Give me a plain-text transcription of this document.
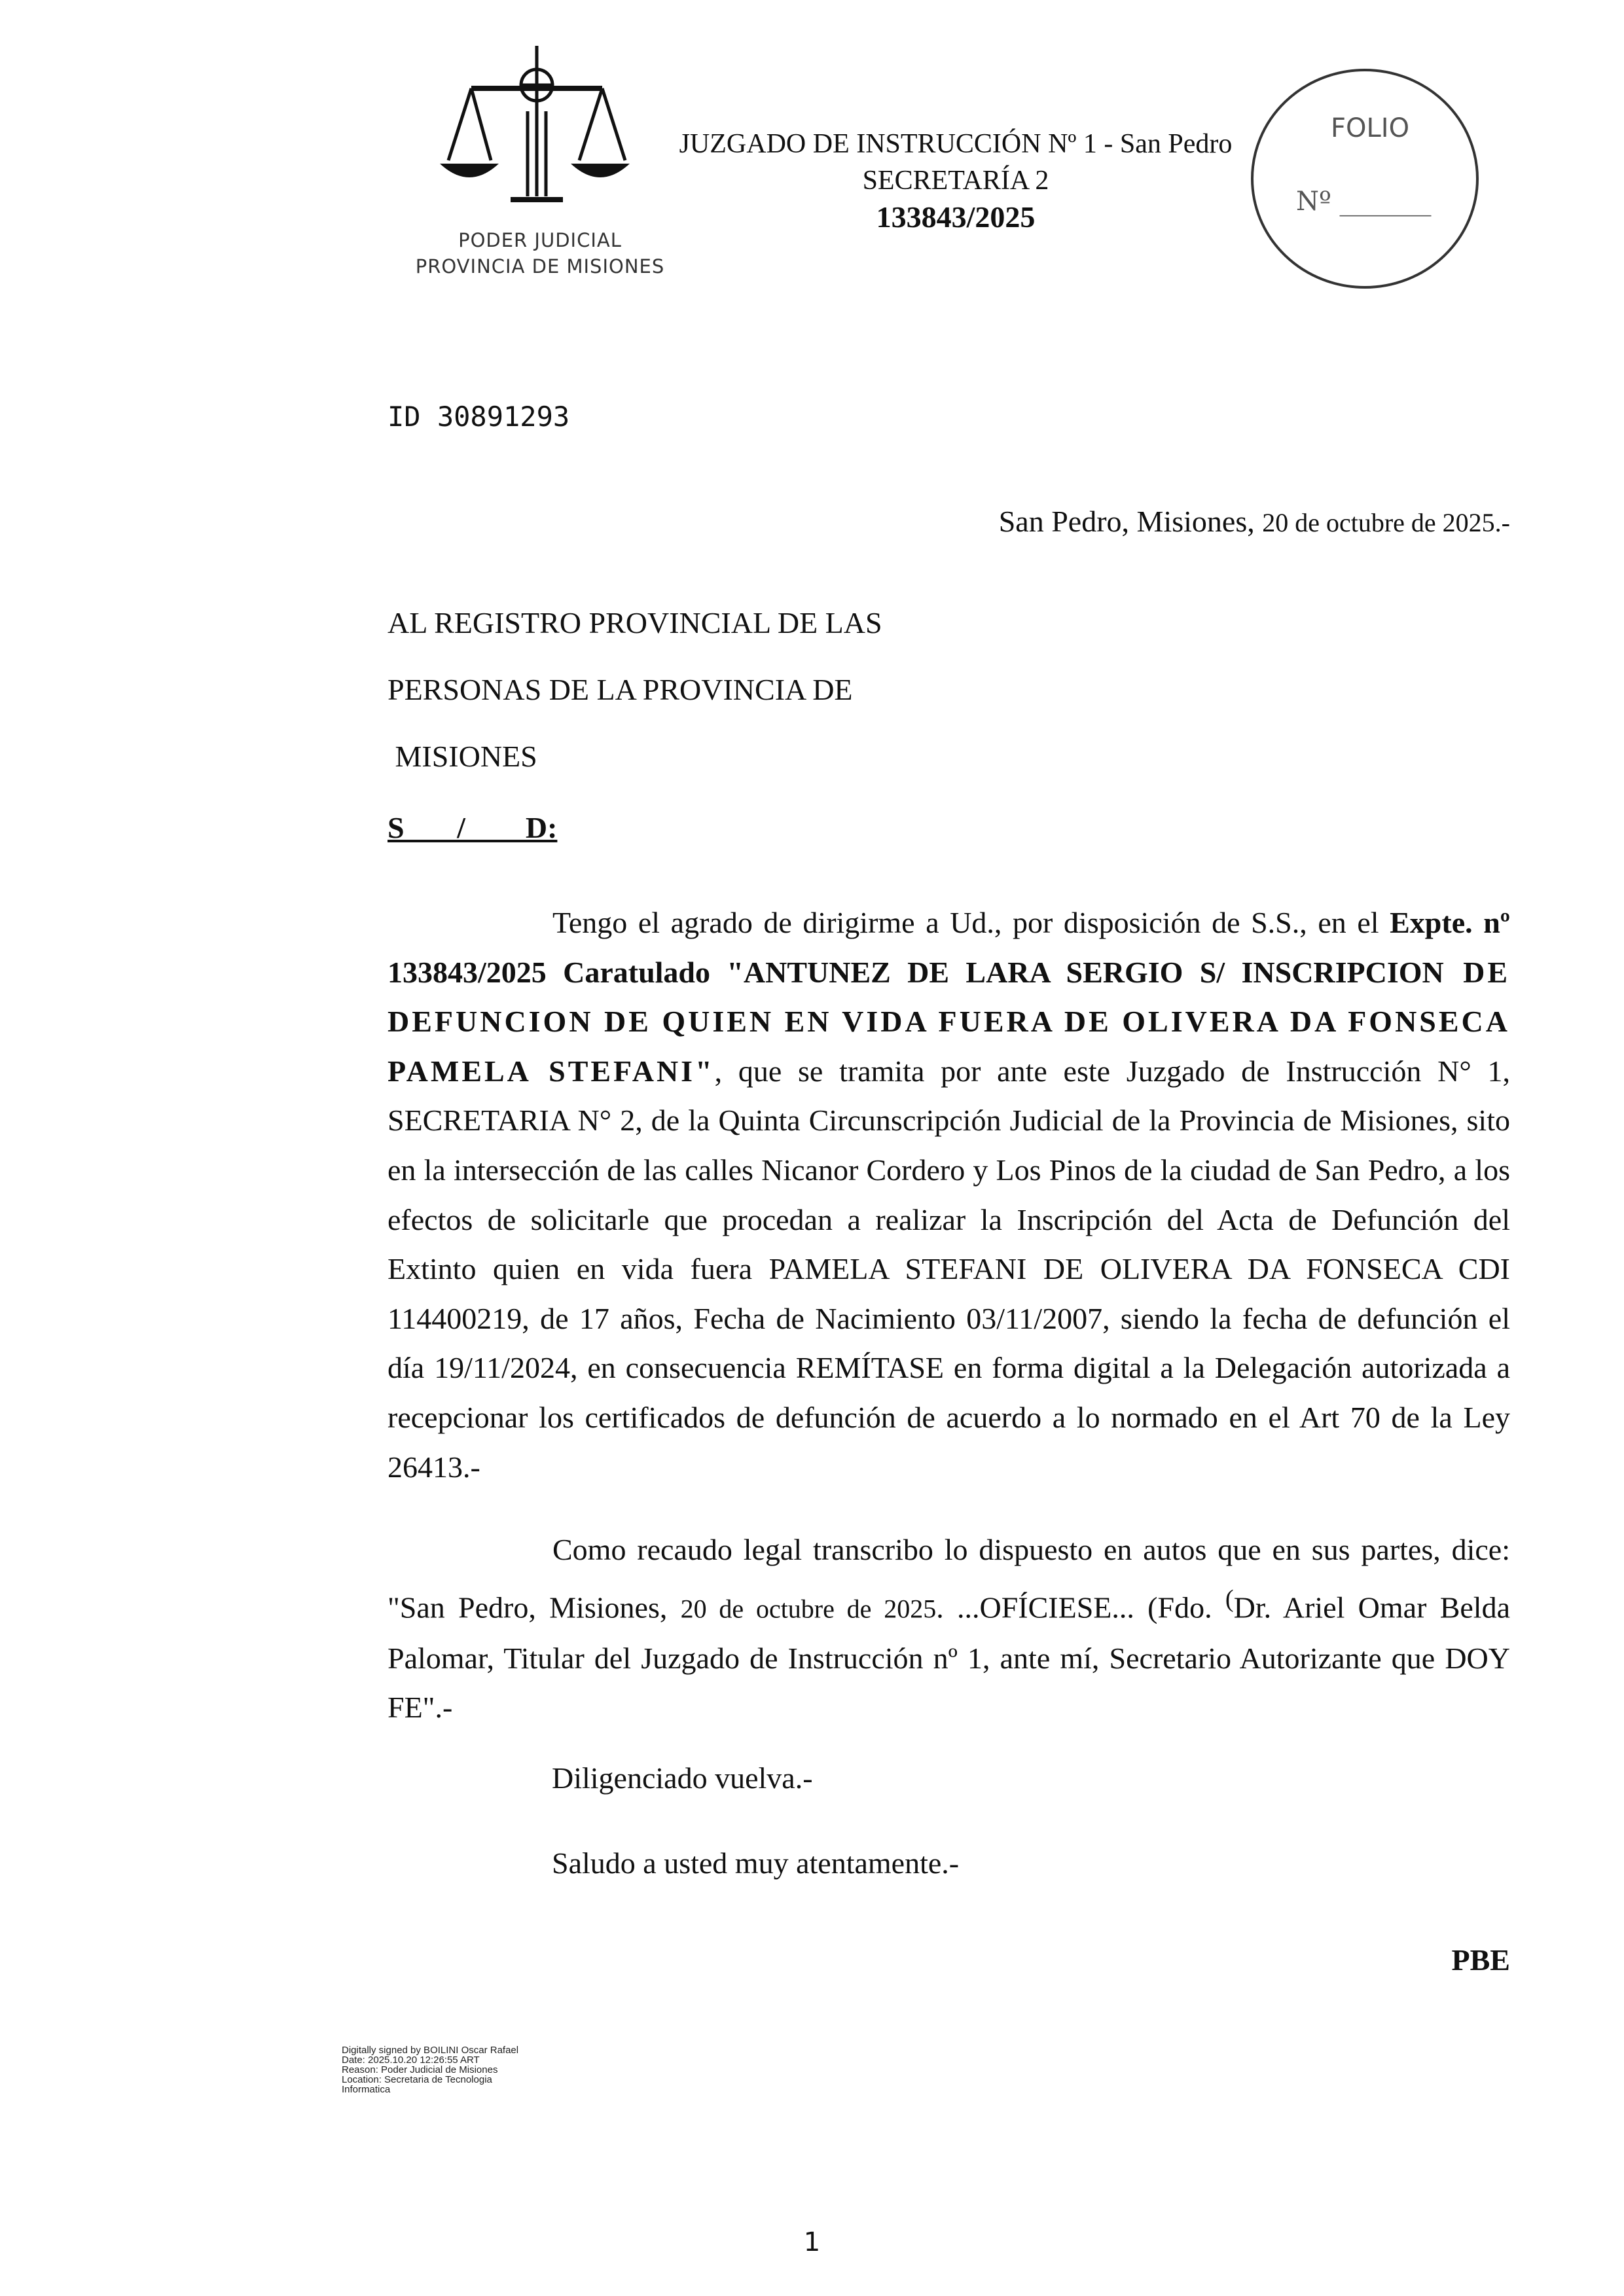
PODER JUDICIAL
PROVINCIA DE MISIONES
JUZGADO DE INSTRUCCIÓN Nº 1 - San Pedro
SECRETARÍA 2
133843/2025
FOLIO
Nº _______
ID 30891293
San Pedro, Misiones, 20 de octubre de 2025.-
AL REGISTRO PROVINCIAL DE LAS
PERSONAS DE LA PROVINCIA DE
MISIONES
S       /        D:

Tengo el agrado de dirigirme a Ud., por disposición de S.S., en el Expte. nº 133843/2025 Caratulado "ANTUNEZ DE LARA SERGIO S/ INSCRIPCION DE DEFUNCION DE QUIEN EN VIDA FUERA DE OLIVERA DA FONSECA PAMELA STEFANI", que se tramita por ante este Juzgado de Instrucción N° 1, SECRETARIA N° 2, de la Quinta Circunscripción Judicial de la Provincia de Misiones, sito en la intersección de las calles Nicanor Cordero y Los Pinos de la ciudad de San Pedro, a los efectos de solicitarle que procedan a realizar la Inscripción del Acta de Defunción del Extinto quien en vida fuera PAMELA STEFANI DE OLIVERA DA FONSECA CDI 114400219, de 17 años, Fecha de Nacimiento 03/11/2007, siendo la fecha de defunción el día 19/11/2024, en consecuencia REMÍTASE en forma digital a la Delegación autorizada a recepcionar los certificados de defunción de acuerdo a lo normado en el Art 70 de la Ley 26413.-

Como recaudo legal transcribo lo dispuesto en autos que en sus partes, dice: "San Pedro, Misiones, 20 de octubre de 2025. ...OFÍCIESE... (Fdo. (Dr. Ariel Omar Belda Palomar, Titular del Juzgado de Instrucción nº 1, ante mí, Secretario Autorizante que DOY FE".-

Diligenciado vuelva.-
Saludo a usted muy atentamente.-
PBE
Digitally signed by BOILINI Oscar Rafael
Date: 2025.10.20 12:26:55 ART
Reason: Poder Judicial de Misiones
Location: Secretaria de Tecnologia
Informatica
1
